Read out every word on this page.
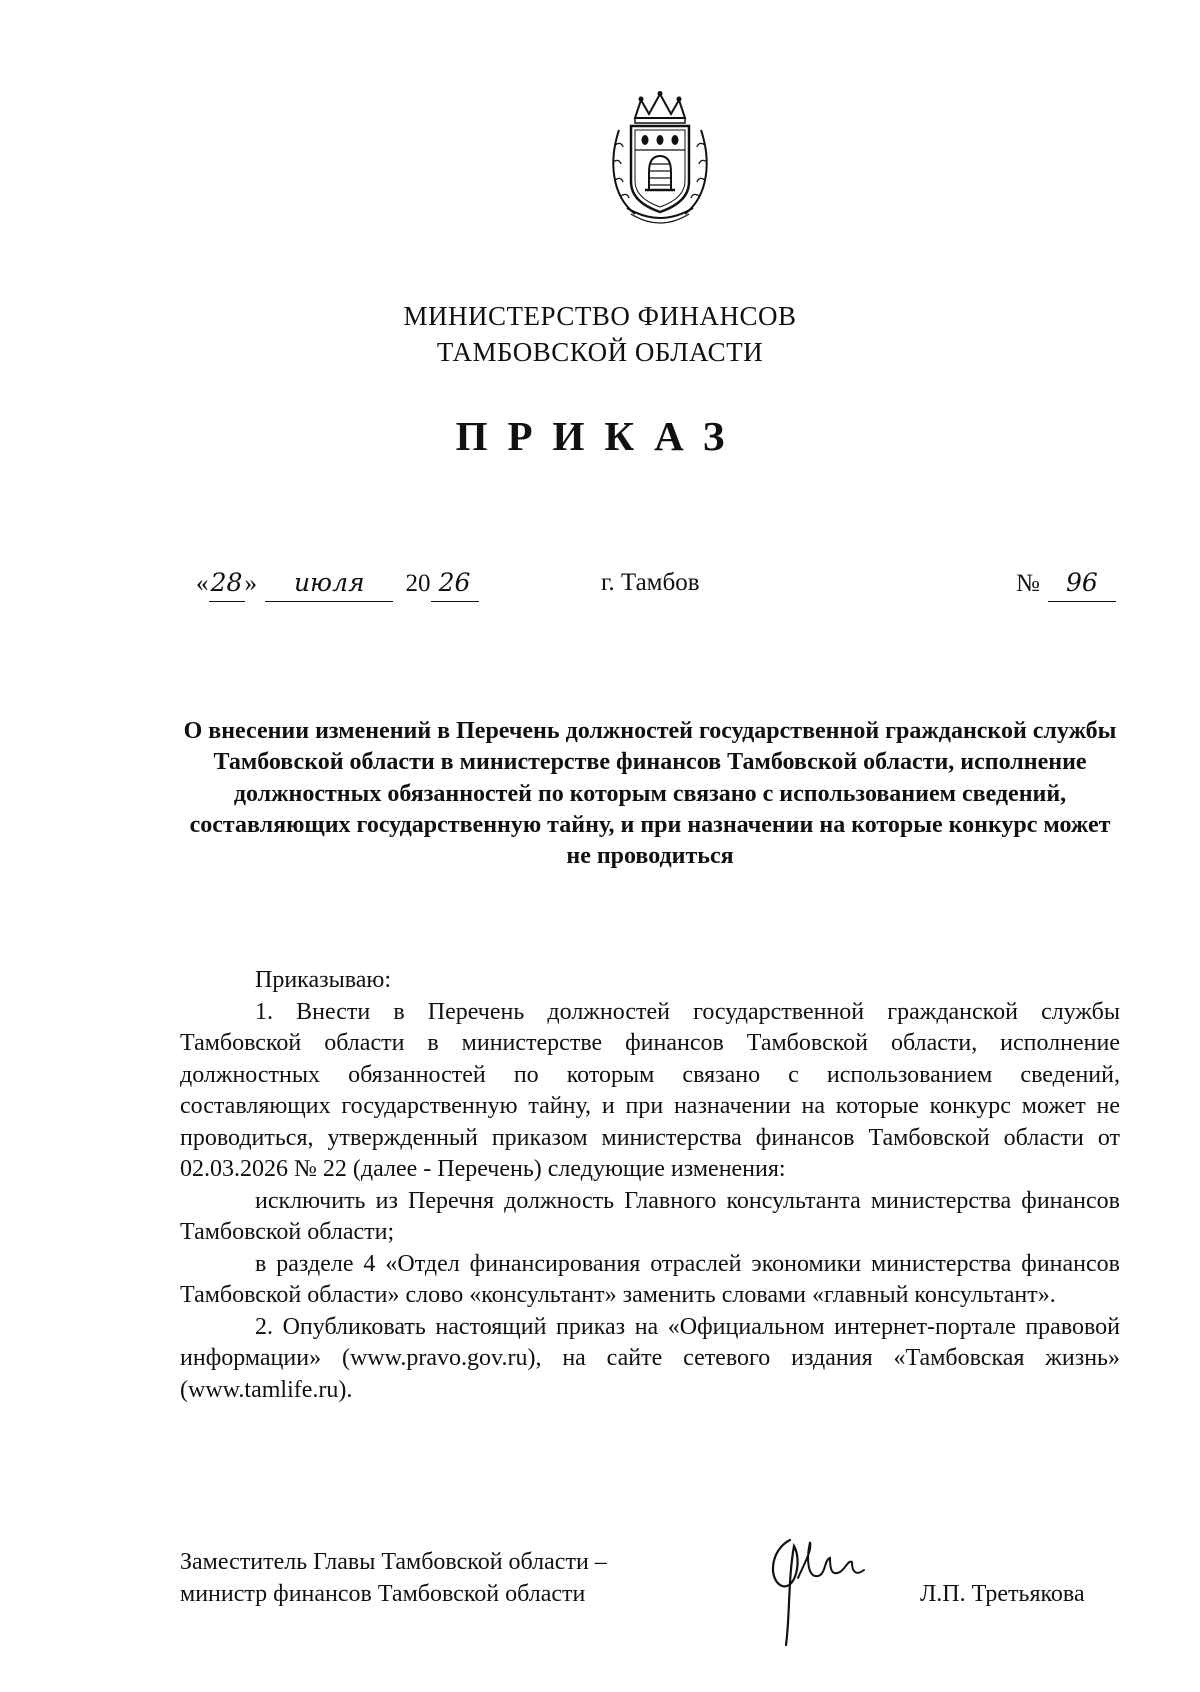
МИНИСТЕРСТВО ФИНАНСОВ
ТАМБОВСКОЙ ОБЛАСТИ
ПРИКАЗ
«28» июля 20 26	г. Тамбов	№ 96
О внесении изменений в Перечень должностей государственной гражданской службы Тамбовской области в министерстве финансов Тамбовской области, исполнение должностных обязанностей по которым связано с использованием сведений, составляющих государственную тайну, и при назначении на которые конкурс может не проводиться

Приказываю:

1. Внести в Перечень должностей государственной гражданской службы Тамбовской области в министерстве финансов Тамбовской области, исполнение должностных обязанностей по которым связано с использованием сведений, составляющих государственную тайну, и при назначении на которые конкурс может не проводиться, утвержденный приказом министерства финансов Тамбовской области от 02.03.2026 № 22 (далее - Перечень) следующие изменения:

исключить из Перечня должность Главного консультанта министерства финансов Тамбовской области;

в разделе 4 «Отдел финансирования отраслей экономики министерства финансов Тамбовской области» слово «консультант» заменить словами «главный консультант».

2. Опубликовать настоящий приказ на «Официальном интернет-портале правовой информации» (www.pravo.gov.ru), на сайте сетевого издания «Тамбовская жизнь» (www.tamlife.ru).

Заместитель Главы Тамбовской области –
министр финансов Тамбовской области	Л.П. Третьякова
